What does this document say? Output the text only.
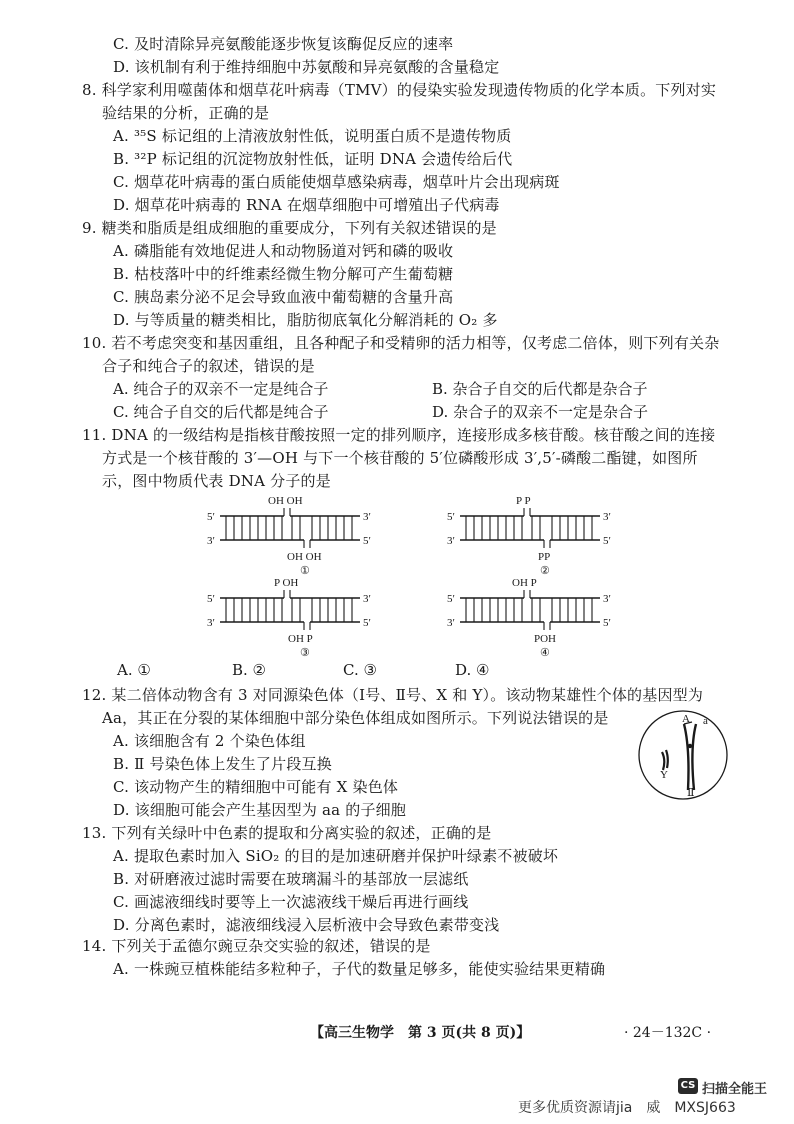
C. 及时清除异亮氨酸能逐步恢复该酶促反应的速率
D. 该机制有利于维持细胞中苏氨酸和异亮氨酸的含量稳定
8. 科学家利用噬菌体和烟草花叶病毒（TMV）的侵染实验发现遗传物质的化学本质。下列对实
验结果的分析，正确的是
A. ³⁵S 标记组的上清液放射性低，说明蛋白质不是遗传物质
B. ³²P 标记组的沉淀物放射性低，证明 DNA 会遗传给后代
C. 烟草花叶病毒的蛋白质能使烟草感染病毒，烟草叶片会出现病斑
D. 烟草花叶病毒的 RNA 在烟草细胞中可增殖出子代病毒
9. 糖类和脂质是组成细胞的重要成分，下列有关叙述错误的是
A. 磷脂能有效地促进人和动物肠道对钙和磷的吸收
B. 枯枝落叶中的纤维素经微生物分解可产生葡萄糖
C. 胰岛素分泌不足会导致血液中葡萄糖的含量升高
D. 与等质量的糖类相比，脂肪彻底氧化分解消耗的 O₂ 多
10. 若不考虑突变和基因重组，且各种配子和受精卵的活力相等，仅考虑二倍体，则下列有关杂
合子和纯合子的叙述，错误的是
A. 纯合子的双亲不一定是纯合子	B. 杂合子自交的后代都是杂合子
C. 纯合子自交的后代都是纯合子	D. 杂合子的双亲不一定是杂合子
11. DNA 的一级结构是指核苷酸按照一定的排列顺序，连接形成多核苷酸。核苷酸之间的连接
方式是一个核苷酸的 3′—OH 与下一个核苷酸的 5′位磷酸形成 3′,5′-磷酸二酯键，如图所
示，图中物质代表 DNA 分子的是
5′	3′
3′	5′
OH OH
OH OH
①
5′	3′
3′	5′
P P
PP
②
5′	3′
3′	5′
P OH
OH P
③
5′	3′
3′	5′
OH P
POH
④
A. ①	B. ②	C. ③	D. ④
12. 某二倍体动物含有 3 对同源染色体（Ⅰ号、Ⅱ号、X 和 Y）。该动物某雄性个体的基因型为
Aa，其正在分裂的某体细胞中部分染色体组成如图所示。下列说法错误的是
A. 该细胞含有 2 个染色体组
B. Ⅱ 号染色体上发生了片段互换
C. 该动物产生的精细胞中可能有 X 染色体
D. 该细胞可能会产生基因型为 aa 的子细胞
A a
Y
Ⅱ
13. 下列有关绿叶中色素的提取和分离实验的叙述，正确的是
A. 提取色素时加入 SiO₂ 的目的是加速研磨并保护叶绿素不被破坏
B. 对研磨液过滤时需要在玻璃漏斗的基部放一层滤纸
C. 画滤液细线时要等上一次滤液线干燥后再进行画线
D. 分离色素时，滤液细线浸入层析液中会导致色素带变浅
14. 下列关于孟德尔豌豆杂交实验的叙述，错误的是
A. 一株豌豆植株能结多粒种子，子代的数量足够多，能使实验结果更精确
【高三生物学　第 3 页(共 8 页)】	· 24－132C ·
CS 扫描全能王
更多优质资源请jia　威　MXSJ663
